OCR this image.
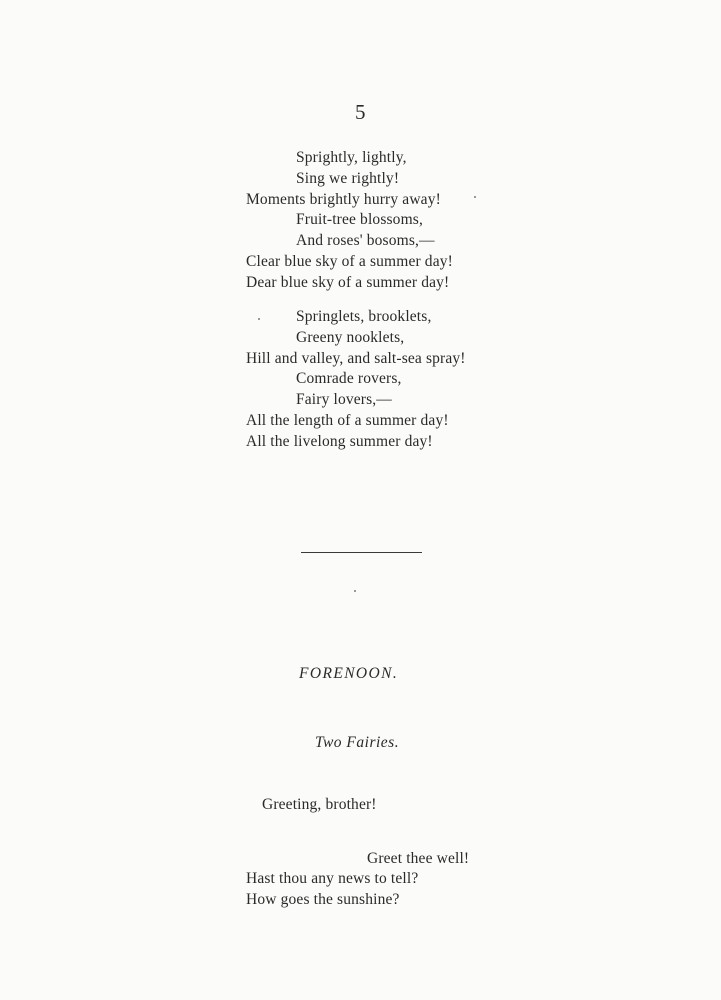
5
Sprightly, lightly,
Sing we rightly!
Moments brightly hurry away!
Fruit-tree blossoms,
And roses' bosoms,—
Clear blue sky of a summer day!
Dear blue sky of a summer day!
Springlets, brooklets,
Greeny nooklets,
Hill and valley, and salt-sea spray!
Comrade rovers,
Fairy lovers,—
All the length of a summer day!
All the livelong summer day!
FORENOON.
Two Fairies.
Greeting, brother!
Greet thee well!
Hast thou any news to tell?
How goes the sunshine?
